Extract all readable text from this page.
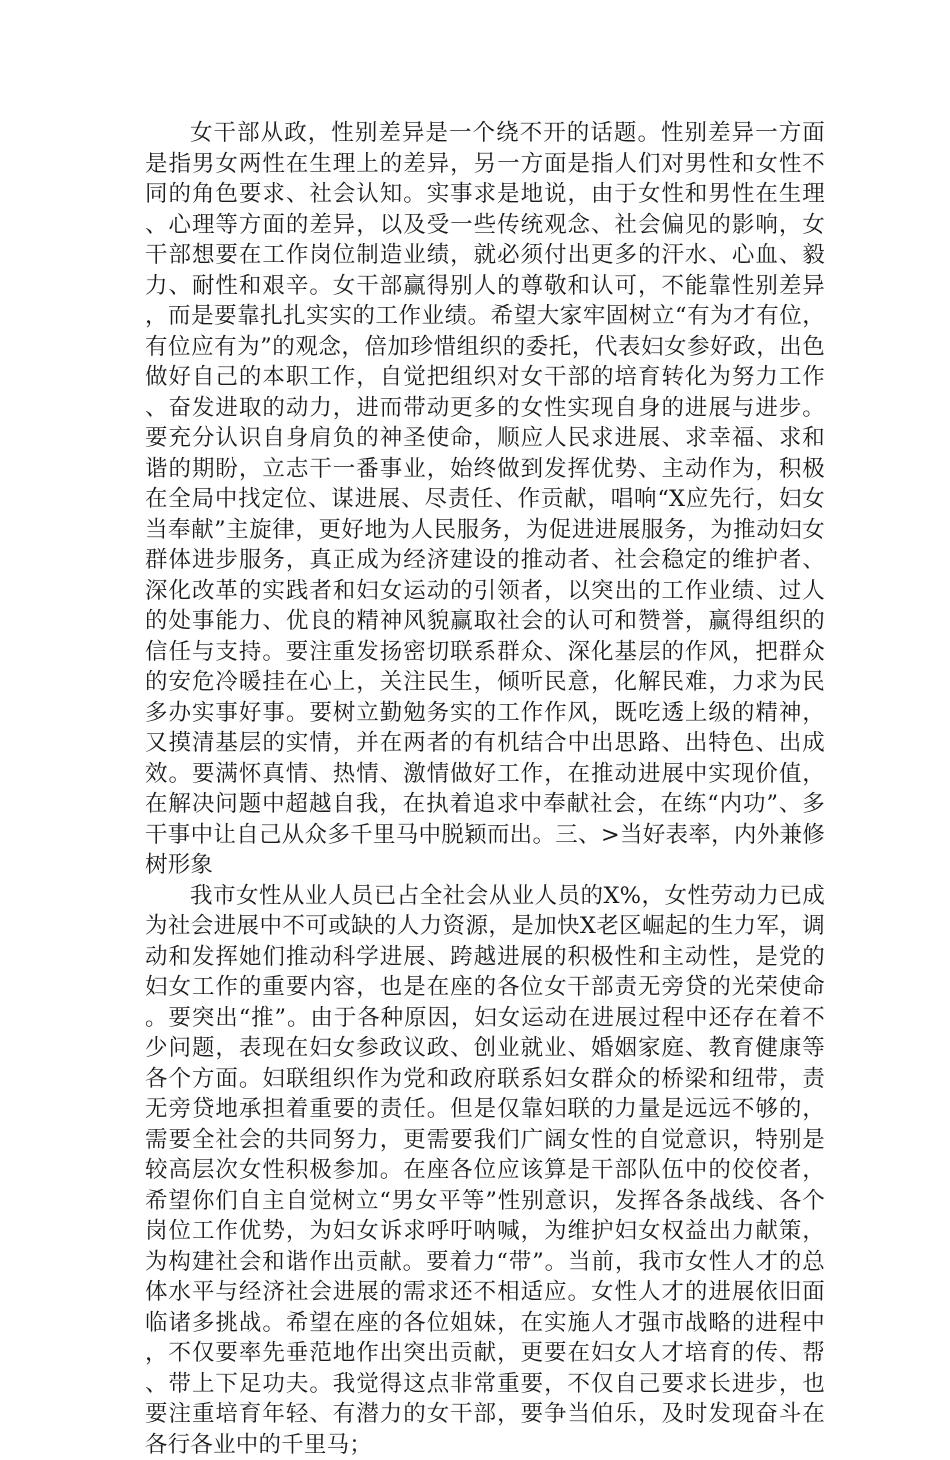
女干部从政，性别差异是一个绕不开的话题。性别差异一方面是指男女两性在生理上的差异，另一方面是指人们对男性和女性不同的角色要求、社会认知。实事求是地说，由于女性和男性在生理、心理等方面的差异，以及受一些传统观念、社会偏见的影响，女干部想要在工作岗位制造业绩，就必须付出更多的汗水、心血、毅力、耐性和艰辛。女干部赢得别人的尊敬和认可，不能靠性别差异，而是要靠扎扎实实的工作业绩。希望大家牢固树立“有为才有位，有位应有为”的观念，倍加珍惜组织的委托，代表妇女参好政，出色做好自己的本职工作，自觉把组织对女干部的培育转化为努力工作、奋发进取的动力，进而带动更多的女性实现自身的进展与进步。要充分认识自身肩负的神圣使命，顺应人民求进展、求幸福、求和谐的期盼，立志干一番事业，始终做到发挥优势、主动作为，积极在全局中找定位、谋进展、尽责任、作贡献，唱响“X应先行，妇女当奉献”主旋律，更好地为人民服务，为促进进展服务，为推动妇女群体进步服务，真正成为经济建设的推动者、社会稳定的维护者、深化改革的实践者和妇女运动的引领者，以突出的工作业绩、过人的处事能力、优良的精神风貌赢取社会的认可和赞誉，赢得组织的信任与支持。要注重发扬密切联系群众、深化基层的作风，把群众的安危冷暖挂在心上，关注民生，倾听民意，化解民难，力求为民多办实事好事。要树立勤勉务实的工作作风，既吃透上级的精神，又摸清基层的实情，并在两者的有机结合中出思路、出特色、出成效。要满怀真情、热情、激情做好工作，在推动进展中实现价值，在解决问题中超越自我，在执着追求中奉献社会，在练“内功”、多干事中让自己从众多千里马中脱颖而出。三、>当好表率，内外兼修树形象

我市女性从业人员已占全社会从业人员的X%，女性劳动力已成为社会进展中不可或缺的人力资源，是加快X老区崛起的生力军，调动和发挥她们推动科学进展、跨越进展的积极性和主动性，是党的妇女工作的重要内容，也是在座的各位女干部责无旁贷的光荣使命。要突出“推”。由于各种原因，妇女运动在进展过程中还存在着不少问题，表现在妇女参政议政、创业就业、婚姻家庭、教育健康等各个方面。妇联组织作为党和政府联系妇女群众的桥梁和纽带，责无旁贷地承担着重要的责任。但是仅靠妇联的力量是远远不够的，需要全社会的共同努力，更需要我们广阔女性的自觉意识，特别是较高层次女性积极参加。在座各位应该算是干部队伍中的佼佼者，希望你们自主自觉树立“男女平等”性别意识，发挥各条战线、各个岗位工作优势，为妇女诉求呼吁呐喊，为维护妇女权益出力献策，为构建社会和谐作出贡献。要着力“带”。当前，我市女性人才的总体水平与经济社会进展的需求还不相适应。女性人才的进展依旧面临诸多挑战。希望在座的各位姐妹，在实施人才强市战略的进程中，不仅要率先垂范地作出突出贡献，更要在妇女人才培育的传、帮、带上下足功夫。我觉得这点非常重要，不仅自己要求长进步，也要注重培育年轻、有潜力的女干部，要争当伯乐，及时发现奋斗在各行各业中的千里马；
